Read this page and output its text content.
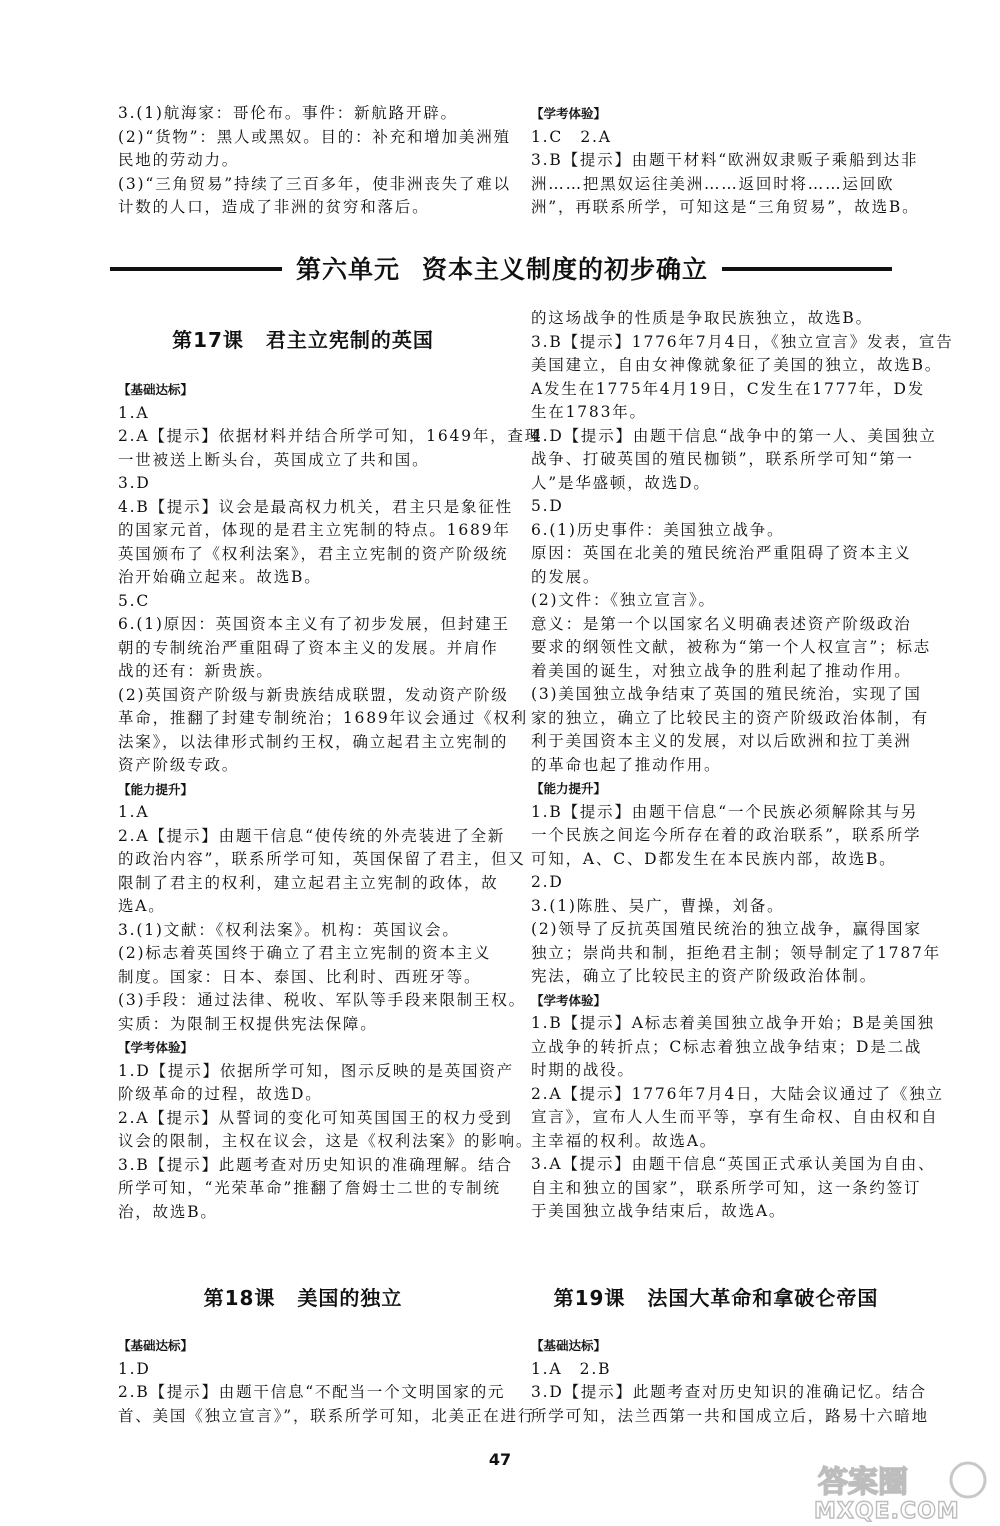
3.(1)航海家：哥伦布。事件：新航路开辟。
(2)“货物”：黑人或黑奴。目的：补充和增加美洲殖
民地的劳动力。
(3)“三角贸易”持续了三百多年，使非洲丧失了难以
计数的人口，造成了非洲的贫穷和落后。
【学考体验】
1.C　2.A
3.B【提示】由题干材料“欧洲奴隶贩子乘船到达非
洲……把黑奴运往美洲……返回时将……运回欧
洲”，再联系所学，可知这是“三角贸易”，故选B。
第六单元 资本主义制度的初步确立
第17课 君主立宪制的英国
【基础达标】
1.A
2.A【提示】依据材料并结合所学可知，1649年，查理
一世被送上断头台，英国成立了共和国。
3.D
4.B【提示】议会是最高权力机关，君主只是象征性
的国家元首，体现的是君主立宪制的特点。1689年
英国颁布了《权利法案》，君主立宪制的资产阶级统
治开始确立起来。故选B。
5.C
6.(1)原因：英国资本主义有了初步发展，但封建王
朝的专制统治严重阻碍了资本主义的发展。并肩作
战的还有：新贵族。
(2)英国资产阶级与新贵族结成联盟，发动资产阶级
革命，推翻了封建专制统治；1689年议会通过《权利
法案》，以法律形式制约王权，确立起君主立宪制的
资产阶级专政。
【能力提升】
1.A
2.A【提示】由题干信息“使传统的外壳装进了全新
的政治内容”，联系所学可知，英国保留了君主，但又
限制了君主的权利，建立起君主立宪制的政体，故
选A。
3.(1)文献：《权利法案》。机构：英国议会。
(2)标志着英国终于确立了君主立宪制的资本主义
制度。国家：日本、泰国、比利时、西班牙等。
(3)手段：通过法律、税收、军队等手段来限制王权。
实质：为限制王权提供宪法保障。
【学考体验】
1.D【提示】依据所学可知，图示反映的是英国资产
阶级革命的过程，故选D。
2.A【提示】从誓词的变化可知英国国王的权力受到
议会的限制，主权在议会，这是《权利法案》的影响。
3.B【提示】此题考查对历史知识的准确理解。结合
所学可知，“光荣革命”推翻了詹姆士二世的专制统
治，故选B。
的这场战争的性质是争取民族独立，故选B。
3.B【提示】1776年7月4日，《独立宣言》发表，宣告
美国建立，自由女神像就象征了美国的独立，故选B。
A发生在1775年4月19日，C发生在1777年，D发
生在1783年。
4.D【提示】由题干信息“战争中的第一人、美国独立
战争、打破英国的殖民枷锁”，联系所学可知“第一
人”是华盛顿，故选D。
5.D
6.(1)历史事件：美国独立战争。
原因：英国在北美的殖民统治严重阻碍了资本主义
的发展。
(2)文件：《独立宣言》。
意义：是第一个以国家名义明确表述资产阶级政治
要求的纲领性文献，被称为“第一个人权宣言”；标志
着美国的诞生，对独立战争的胜利起了推动作用。
(3)美国独立战争结束了英国的殖民统治，实现了国
家的独立，确立了比较民主的资产阶级政治体制，有
利于美国资本主义的发展，对以后欧洲和拉丁美洲
的革命也起了推动作用。
【能力提升】
1.B【提示】由题干信息“一个民族必须解除其与另
一个民族之间迄今所存在着的政治联系”，联系所学
可知，A、C、D都发生在本民族内部，故选B。
2.D
3.(1)陈胜、吴广，曹操，刘备。
(2)领导了反抗英国殖民统治的独立战争，赢得国家
独立；崇尚共和制，拒绝君主制；领导制定了1787年
宪法，确立了比较民主的资产阶级政治体制。
【学考体验】
1.B【提示】A标志着美国独立战争开始；B是美国独
立战争的转折点；C标志着独立战争结束；D是二战
时期的战役。
2.A【提示】1776年7月4日，大陆会议通过了《独立
宣言》，宣布人人生而平等，享有生命权、自由权和自
主幸福的权利。故选A。
3.A【提示】由题干信息“英国正式承认美国为自由、
自主和独立的国家”，联系所学可知，这一条约签订
于美国独立战争结束后，故选A。
第18课 美国的独立
【基础达标】
1.D
2.B【提示】由题干信息“不配当一个文明国家的元
首、美国《独立宣言》”，联系所学可知，北美正在进行
第19课 法国大革命和拿破仑帝国
【基础达标】
1.A　2.B
3.D【提示】此题考查对历史知识的准确记忆。结合
所学可知，法兰西第一共和国成立后，路易十六暗地
47
答案圈
MXQE.COM
